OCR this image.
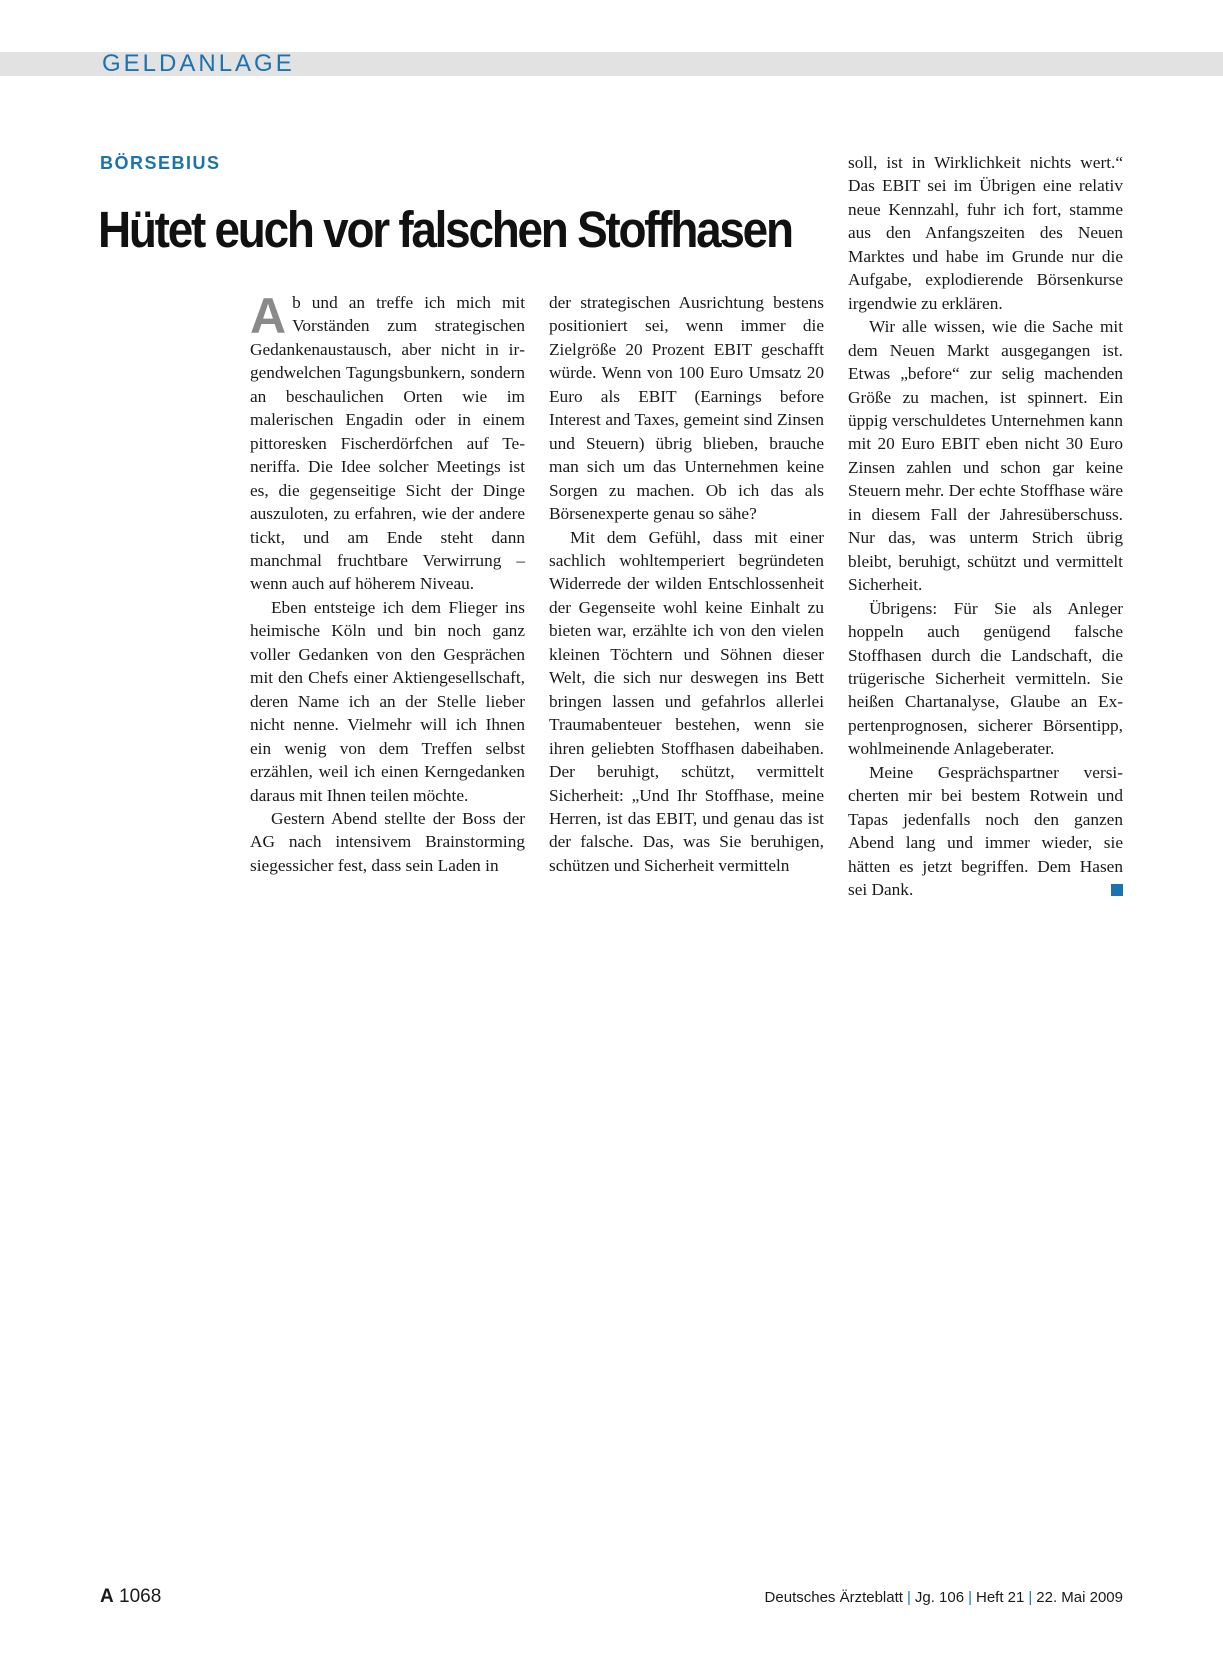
GELDANLAGE
BÖRSEBIUS
Hütet euch vor falschen Stoffhasen

Ab und an treffe ich mich mit Vorständen zum strategischen Gedankenaustausch, aber nicht in irgendwelchen Tagungsbunkern, sondern an beschaulichen Orten wie im malerischen Engadin oder in einem pittoresken Fischerdörfchen auf Teneriffa. Die Idee solcher Meetings ist es, die gegenseitige Sicht der Dinge auszuloten, zu erfahren, wie der andere tickt, und am Ende steht dann manchmal fruchtbare Verwirrung – wenn auch auf höherem Niveau.

Eben entsteige ich dem Flieger ins heimische Köln und bin noch ganz voller Gedanken von den Gesprächen mit den Chefs einer Aktiengesellschaft, deren Name ich an der Stelle lieber nicht nenne. Vielmehr will ich Ihnen ein wenig von dem Treffen selbst erzählen, weil ich einen Kerngedanken daraus mit Ihnen teilen möchte.

Gestern Abend stellte der Boss der AG nach intensivem Brainstorming siegessicher fest, dass sein Laden in

der strategischen Ausrichtung bestens positioniert sei, wenn immer die Zielgröße 20 Prozent EBIT geschafft würde. Wenn von 100 Euro Umsatz 20 Euro als EBIT (Earnings before Interest and Taxes, gemeint sind Zinsen und Steuern) übrig blieben, brauche man sich um das Unternehmen keine Sorgen zu machen. Ob ich das als Börsenexperte genau so sähe?

Mit dem Gefühl, dass mit einer sachlich wohltemperiert begründeten Widerrede der wilden Entschlossenheit der Gegenseite wohl keine Einhalt zu bieten war, erzählte ich von den vielen kleinen Töchtern und Söhnen dieser Welt, die sich nur deswegen ins Bett bringen lassen und gefahrlos allerlei Traumabenteuer bestehen, wenn sie ihren geliebten Stoffhasen dabeihaben. Der beruhigt, schützt, vermittelt Sicherheit: „Und Ihr Stoffhase, meine Herren, ist das EBIT, und genau das ist der falsche. Das, was Sie beruhigen, schützen und Sicherheit vermitteln

soll, ist in Wirklichkeit nichts wert.“ Das EBIT sei im Übrigen eine relativ neue Kennzahl, fuhr ich fort, stamme aus den Anfangszeiten des Neuen Marktes und habe im Grunde nur die Aufgabe, explodierende Börsenkurse irgendwie zu erklären.

Wir alle wissen, wie die Sache mit dem Neuen Markt ausgegangen ist. Etwas „before“ zur selig machenden Größe zu machen, ist spinnert. Ein üppig verschuldetes Unternehmen kann mit 20 Euro EBIT eben nicht 30 Euro Zinsen zahlen und schon gar keine Steuern mehr. Der echte Stoffhase wäre in diesem Fall der Jahresüberschuss. Nur das, was unterm Strich übrig bleibt, beruhigt, schützt und vermittelt Sicherheit.

Übrigens: Für Sie als Anleger hoppeln auch genügend falsche Stoffhasen durch die Landschaft, die trügerische Sicherheit vermitteln. Sie heißen Chartanalyse, Glaube an Expertenprognosen, sicherer Börsentipp, wohlmeinende Anlageberater.

Meine Gesprächspartner versicherten mir bei bestem Rotwein und Tapas jedenfalls noch den ganzen Abend lang und immer wieder, sie hätten es jetzt begriffen. Dem Hasen sei Dank.

A 1068	Deutsches Ärzteblatt | Jg. 106 | Heft 21 | 22. Mai 2009
